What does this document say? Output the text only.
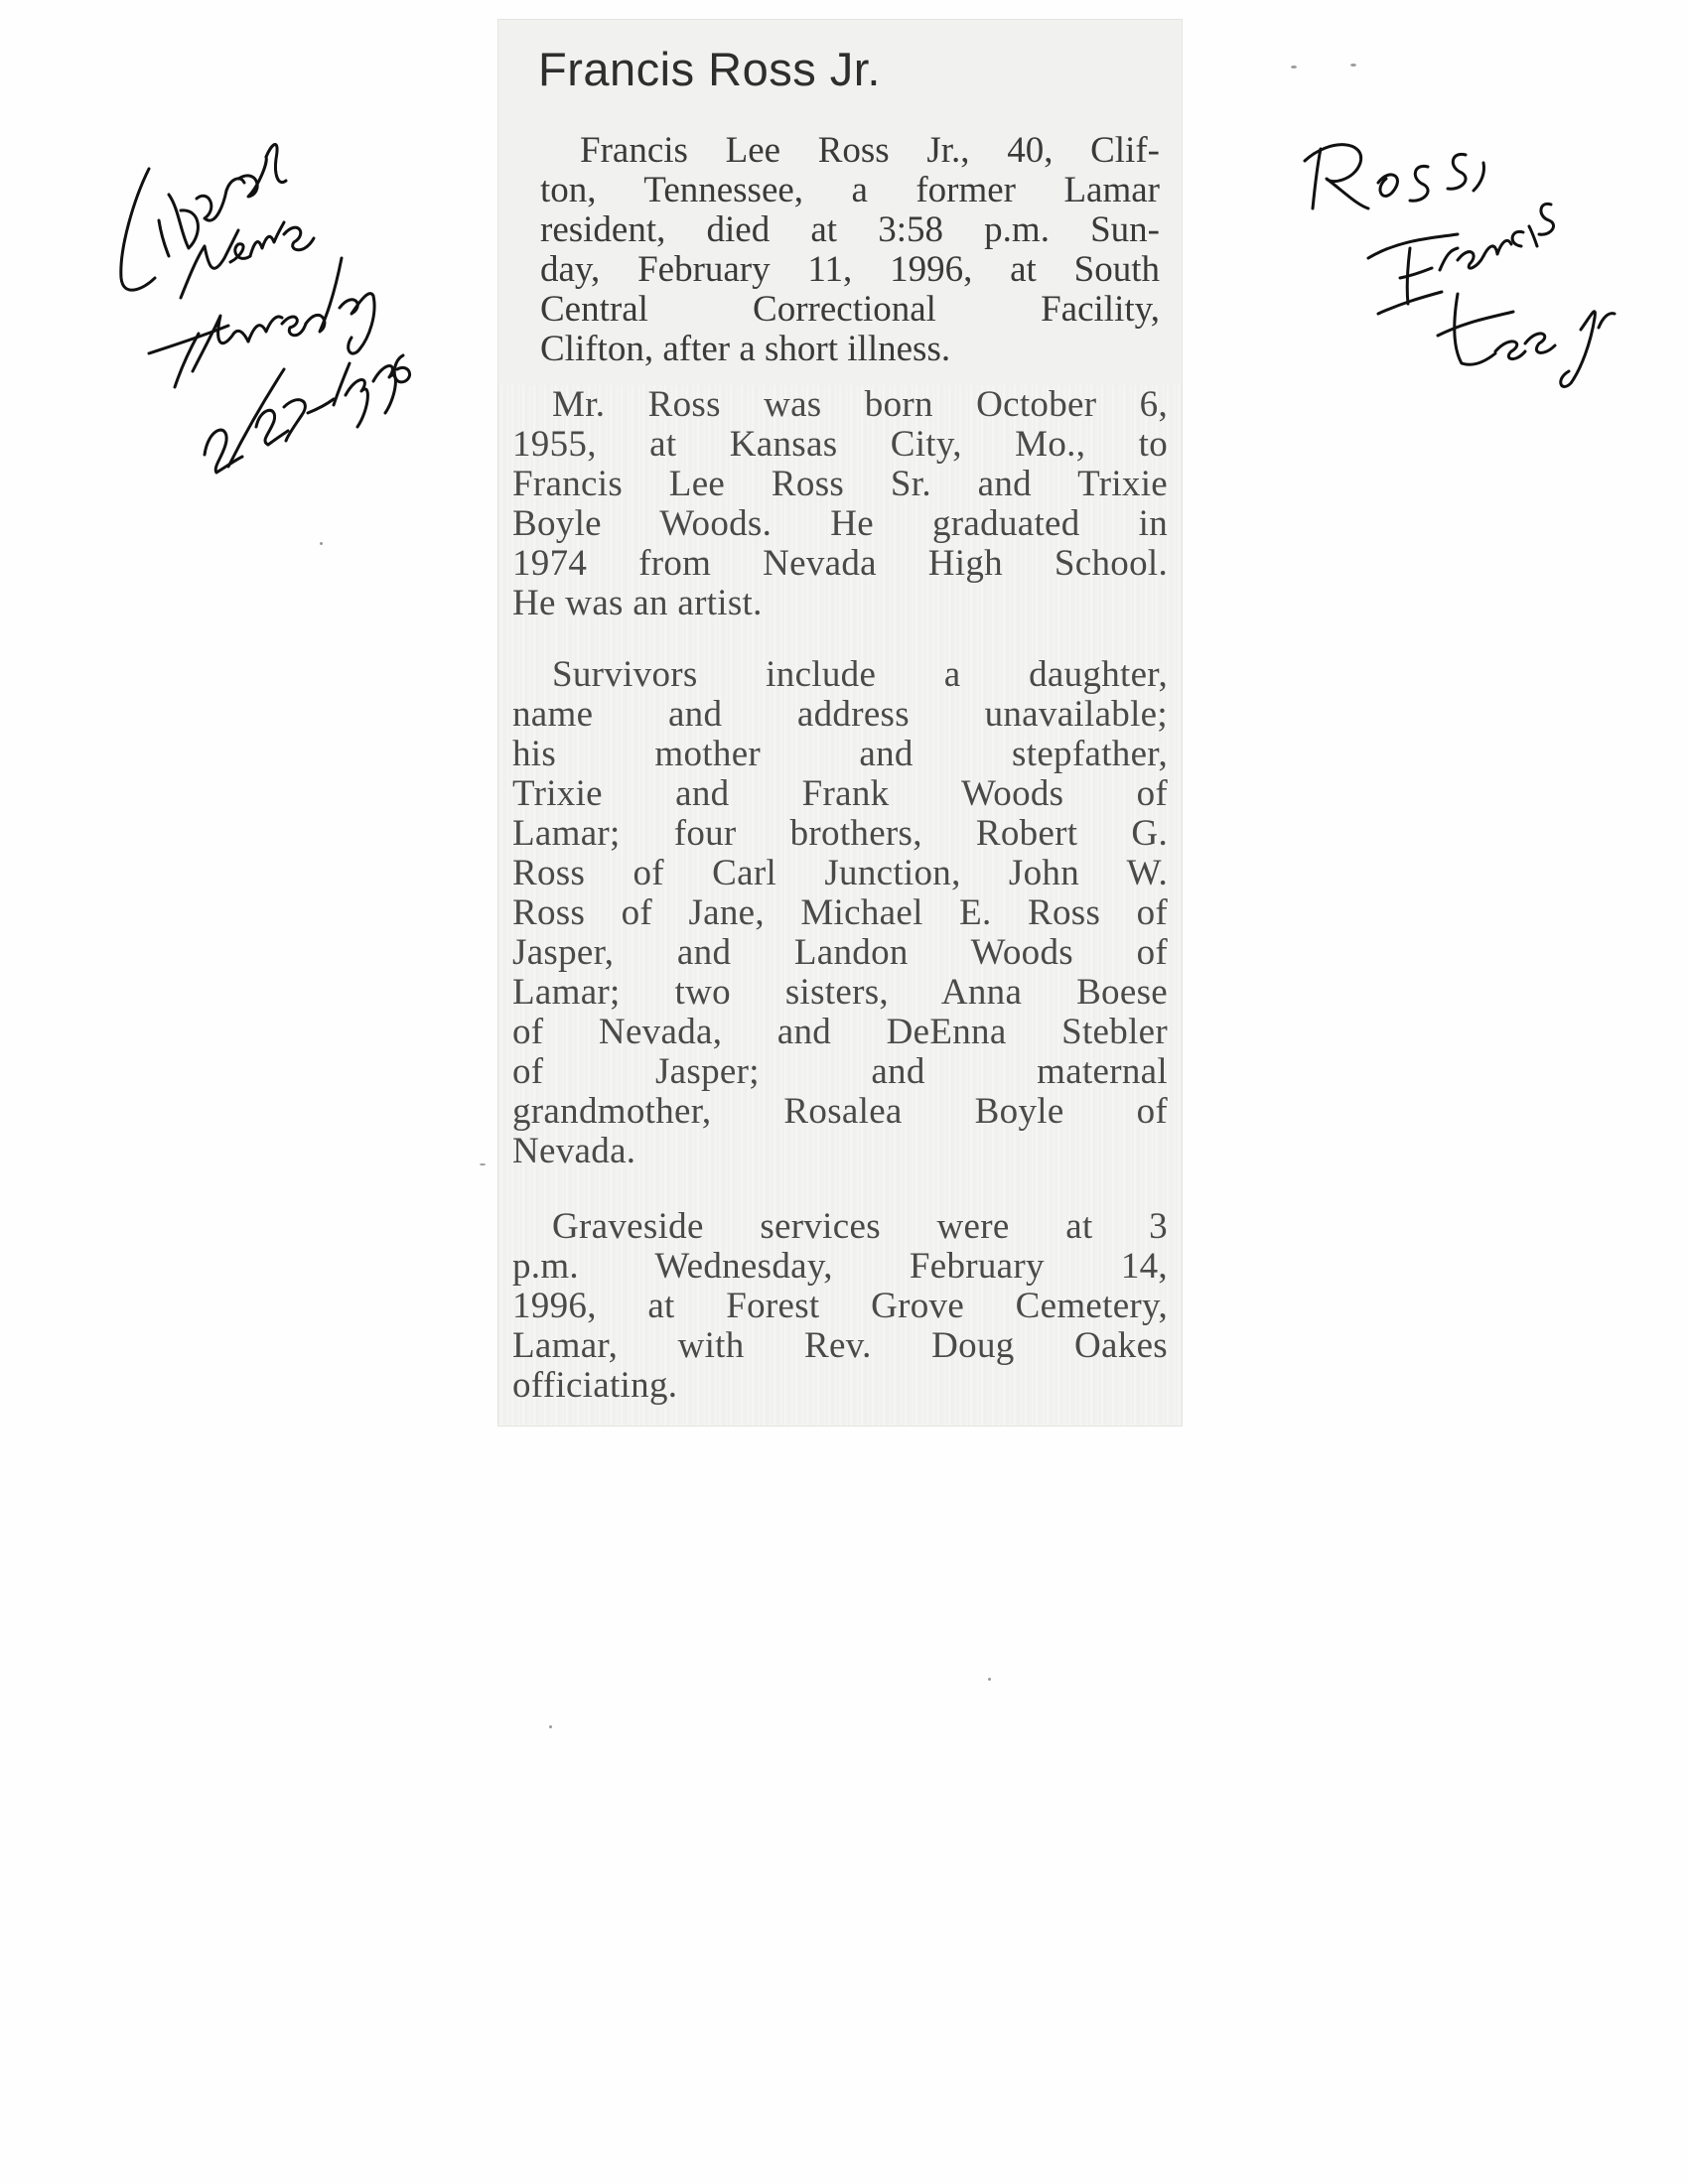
Francis Ross Jr.

Francis Lee Ross Jr., 40, Clif-
ton, Tennessee, a former Lamar
resident, died at 3:58 p.m. Sun-
day, February 11, 1996, at South
Central Correctional Facility,
Clifton, after a short illness.

Mr. Ross was born October 6,
1955, at Kansas City, Mo., to
Francis Lee Ross Sr. and Trixie
Boyle Woods. He graduated in
1974 from Nevada High School.
He was an artist.

Survivors include a daughter,
name and address unavailable;
his mother and stepfather,
Trixie and Frank Woods of
Lamar; four brothers, Robert G.
Ross of Carl Junction, John W.
Ross of Jane, Michael E. Ross of
Jasper, and Landon Woods of
Lamar; two sisters, Anna Boese
of Nevada, and DeEnna Stebler
of Jasper; and maternal
grandmother, Rosalea Boyle of
Nevada.

Graveside services were at 3
p.m. Wednesday, February 14,
1996, at Forest Grove Cemetery,
Lamar, with Rev. Doug Oakes
officiating.
